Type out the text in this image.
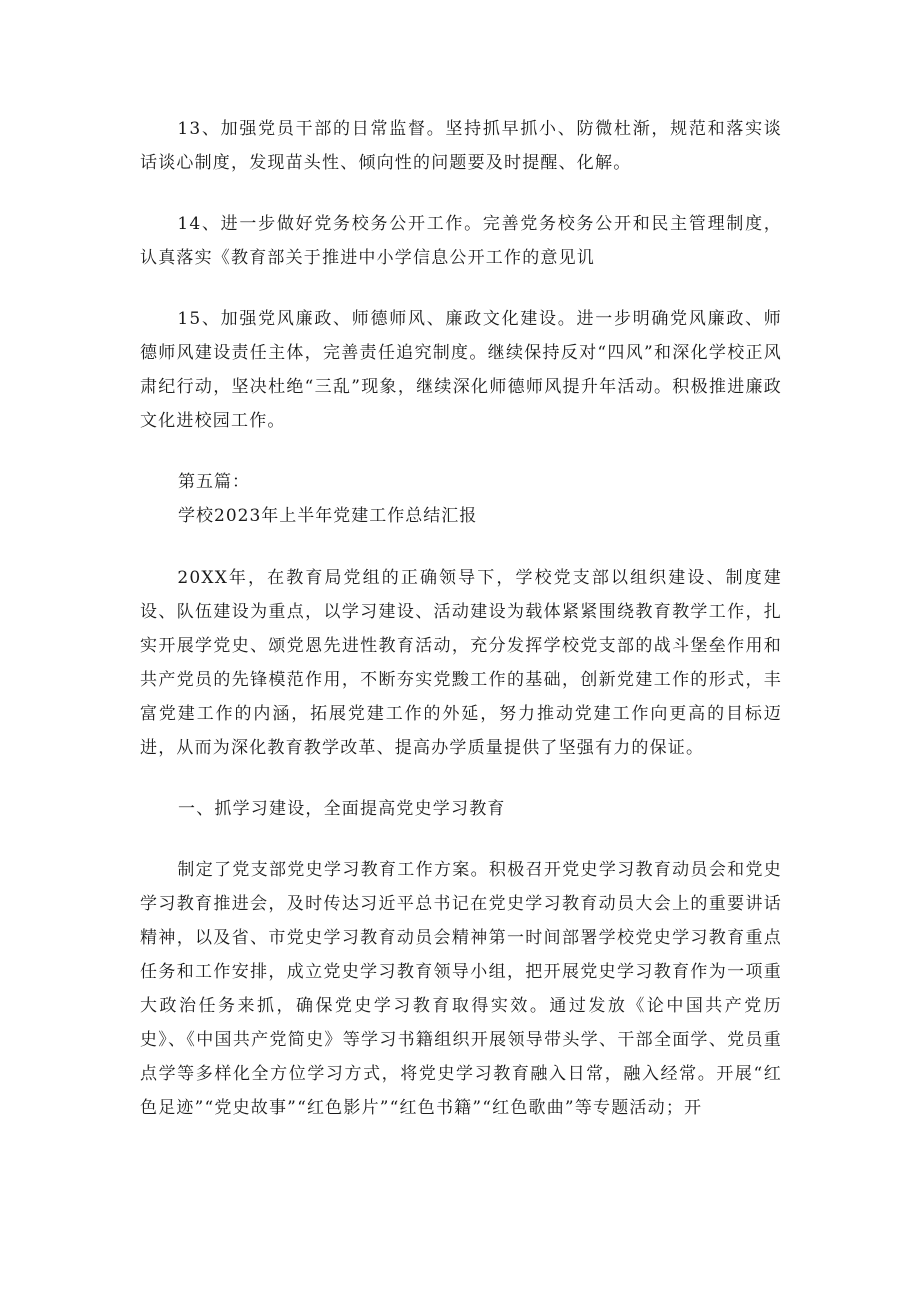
13、加强党员干部的日常监督。坚持抓早抓小、防微杜渐，规范和落实谈话谈心制度，发现苗头性、倾向性的问题要及时提醒、化解。

14、进一步做好党务校务公开工作。完善党务校务公开和民主管理制度，认真落实《教育部关于推进中小学信息公开工作的意见讥

15、加强党风廉政、师德师风、廉政文化建设。进一步明确党风廉政、师德师风建设责任主体，完善责任追究制度。继续保持反对“四风”和深化学校正风肃纪行动，坚决杜绝“三乱”现象，继续深化师德师风提升年活动。积极推进廉政文化进校园工作。

第五篇：
学校2023年上半年党建工作总结汇报

20XX年，在教育局党组的正确领导下，学校党支部以组织建设、制度建设、队伍建设为重点，以学习建设、活动建设为载体紧紧围绕教育教学工作，扎实开展学党史、颂党恩先进性教育活动，充分发挥学校党支部的战斗堡垒作用和共产党员的先锋模范作用，不断夯实党黢工作的基础，创新党建工作的形式，丰富党建工作的内涵，拓展党建工作的外延，努力推动党建工作向更高的目标迈进，从而为深化教育教学改革、提高办学质量提供了坚强有力的保证。

一、抓学习建设，全面提高党史学习教育

制定了党支部党史学习教育工作方案。积极召开党史学习教育动员会和党史学习教育推进会，及时传达习近平总书记在党史学习教育动员大会上的重要讲话精神，以及省、市党史学习教育动员会精神第一时间部署学校党史学习教育重点任务和工作安排，成立党史学习教育领导小组，把开展党史学习教育作为一项重大政治任务来抓，确保党史学习教育取得实效。通过发放《论中国共产党历史》、《中国共产党简史》等学习书籍组织开展领导带头学、干部全面学、党员重点学等多样化全方位学习方式，将党史学习教育融入日常，融入经常。开展“红色足迹”“党史故事”“红色影片”“红色书籍”“红色歌曲”等专题活动；开
